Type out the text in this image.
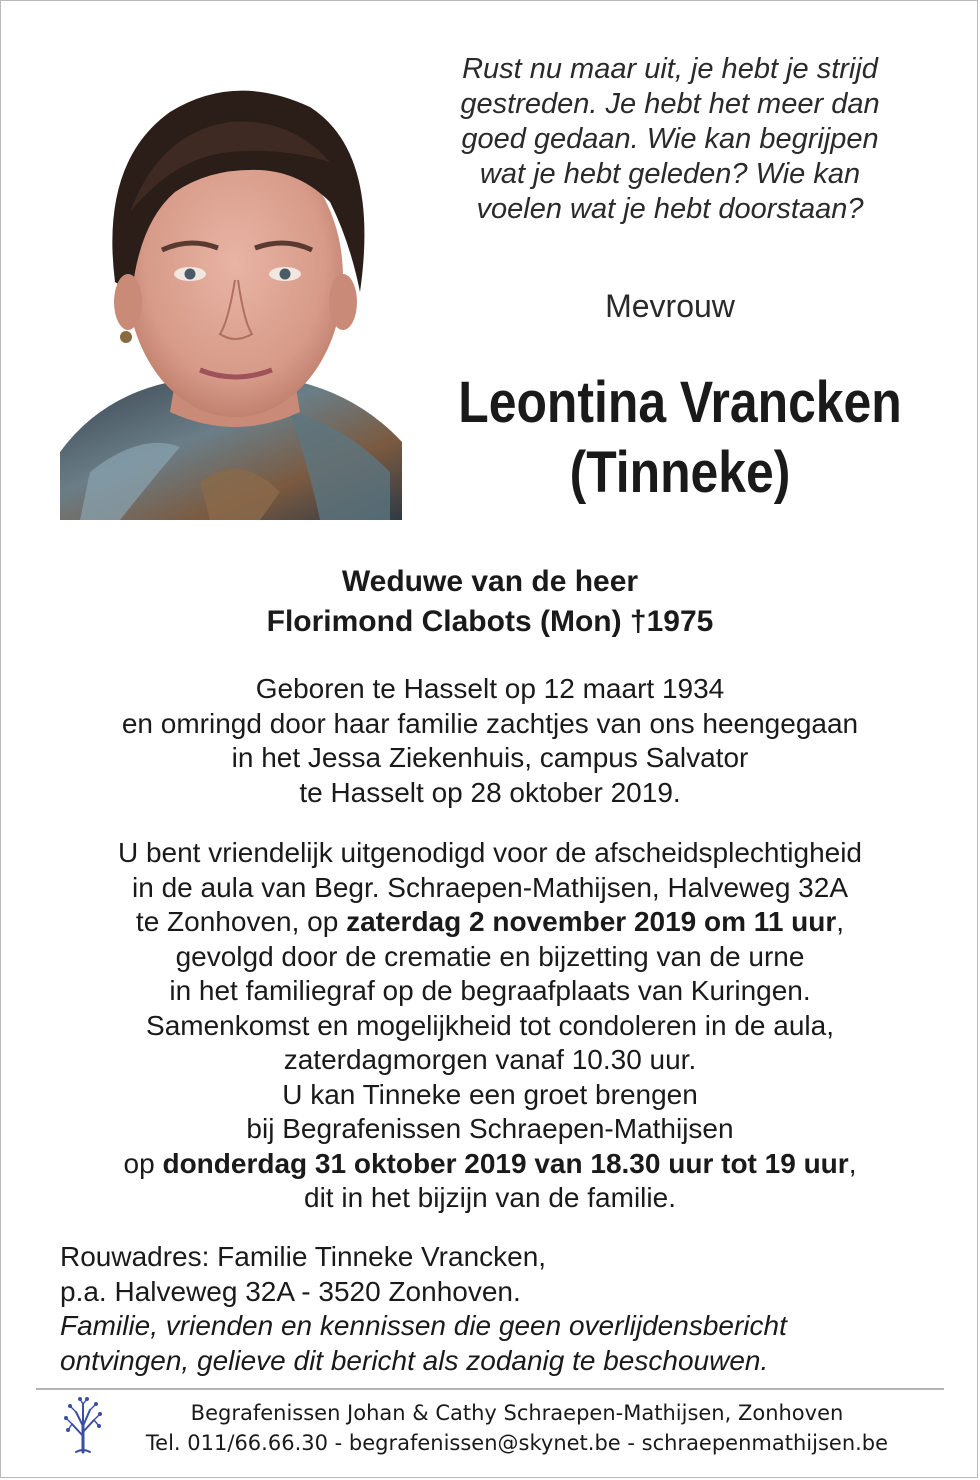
Rust nu maar uit, je hebt je strijd
gestreden. Je hebt het meer dan
goed gedaan. Wie kan begrijpen
wat je hebt geleden? Wie kan
voelen wat je hebt doorstaan?
Mevrouw
Leontina Vrancken
(Tinneke)
Weduwe van de heer
Florimond Clabots (Mon) †1975
Geboren te Hasselt op 12 maart 1934
en omringd door haar familie zachtjes van ons heengegaan
in het Jessa Ziekenhuis, campus Salvator
te Hasselt op 28 oktober 2019.
U bent vriendelijk uitgenodigd voor de afscheidsplechtigheid
in de aula van Begr. Schraepen-Mathijsen, Halveweg 32A
te Zonhoven, op zaterdag 2 november 2019 om 11 uur,
gevolgd door de crematie en bijzetting van de urne
in het familiegraf op de begraafplaats van Kuringen.
Samenkomst en mogelijkheid tot condoleren in de aula,
zaterdagmorgen vanaf 10.30 uur.
U kan Tinneke een groet brengen
bij Begrafenissen Schraepen-Mathijsen
op donderdag 31 oktober 2019 van 18.30 uur tot 19 uur,
dit in het bijzijn van de familie.
Rouwadres: Familie Tinneke Vrancken,
p.a. Halveweg 32A - 3520 Zonhoven.
Familie, vrienden en kennissen die geen overlijdensbericht
ontvingen, gelieve dit bericht als zodanig te beschouwen.
Begrafenissen Johan & Cathy Schraepen-Mathijsen, Zonhoven
Tel. 011/66.66.30 - begrafenissen@skynet.be - schraepenmathijsen.be
